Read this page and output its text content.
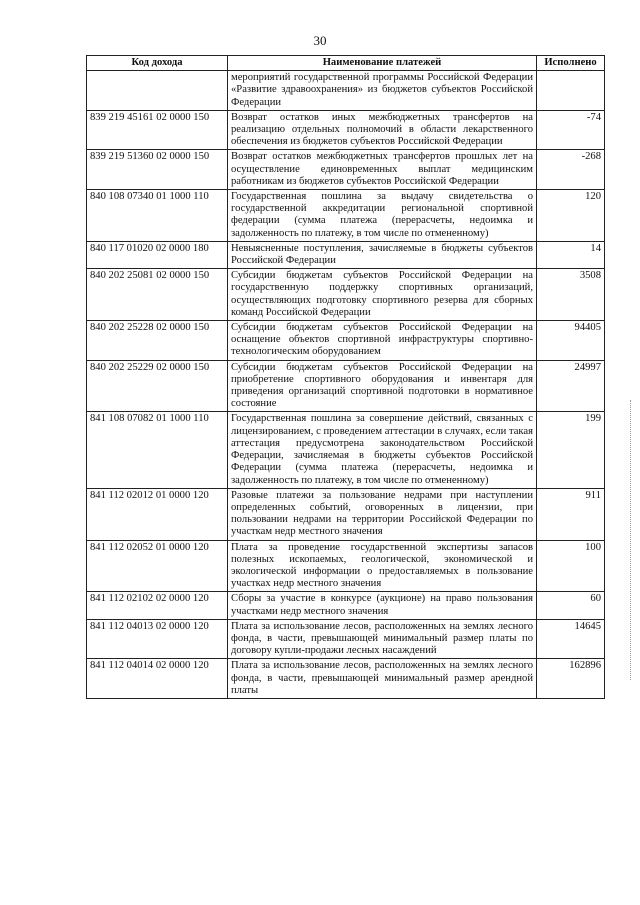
30
Код дохода	Наименование платежей	Исполнено
	мероприятий государственной программы Российской Федерации «Развитие здравоохранения» из бюджетов субъектов Российской Федерации	
839 219 45161 02 0000 150	Возврат остатков иных межбюджетных трансфертов на реализацию отдельных полномочий в области лекарственного обеспечения из бюджетов субъектов Российской Федерации	-74
839 219 51360 02 0000 150	Возврат остатков межбюджетных трансфертов прошлых лет на осуществление единовременных выплат медицинским работникам из бюджетов субъектов Российской Федерации	-268
840 108 07340 01 1000 110	Государственная пошлина за выдачу свидетельства о государственной аккредитации региональной спортивной федерации (сумма платежа (перерасчеты, недоимка и задолженность по платежу, в том числе по отмененному)	120
840 117 01020 02 0000 180	Невыясненные поступления, зачисляемые в бюджеты субъектов Российской Федерации	14
840 202 25081 02 0000 150	Субсидии бюджетам субъектов Российской Федерации на государственную поддержку спортивных организаций, осуществляющих подготовку спортивного резерва для сборных команд Российской Федерации	3508
840 202 25228 02 0000 150	Субсидии бюджетам субъектов Российской Федерации на оснащение объектов спортивной инфраструктуры спортивно-технологическим оборудованием	94405
840 202 25229 02 0000 150	Субсидии бюджетам субъектов Российской Федерации на приобретение спортивного оборудования и инвентаря для приведения организаций спортивной подготовки в нормативное состояние	24997
841 108 07082 01 1000 110	Государственная пошлина за совершение действий, связанных с лицензированием, с проведением аттестации в случаях, если такая аттестация предусмотрена законодательством Российской Федерации, зачисляемая в бюджеты субъектов Российской Федерации (сумма платежа (перерасчеты, недоимка и задолженность по платежу, в том числе по отмененному)	199
841 112 02012 01 0000 120	Разовые платежи за пользование недрами при наступлении определенных событий, оговоренных в лицензии, при пользовании недрами на территории Российской Федерации по участкам недр местного значения	911
841 112 02052 01 0000 120	Плата за проведение государственной экспертизы запасов полезных ископаемых, геологической, экономической и экологической информации о предоставляемых в пользование участках недр местного значения	100
841 112 02102 02 0000 120	Сборы за участие в конкурсе (аукционе) на право пользования участками недр местного значения	60
841 112 04013 02 0000 120	Плата за использование лесов, расположенных на землях лесного фонда, в части, превышающей минимальный размер платы по договору купли-продажи лесных насаждений	14645
841 112 04014 02 0000 120	Плата за использование лесов, расположенных на землях лесного фонда, в части, превышающей минимальный размер арендной платы	162896
